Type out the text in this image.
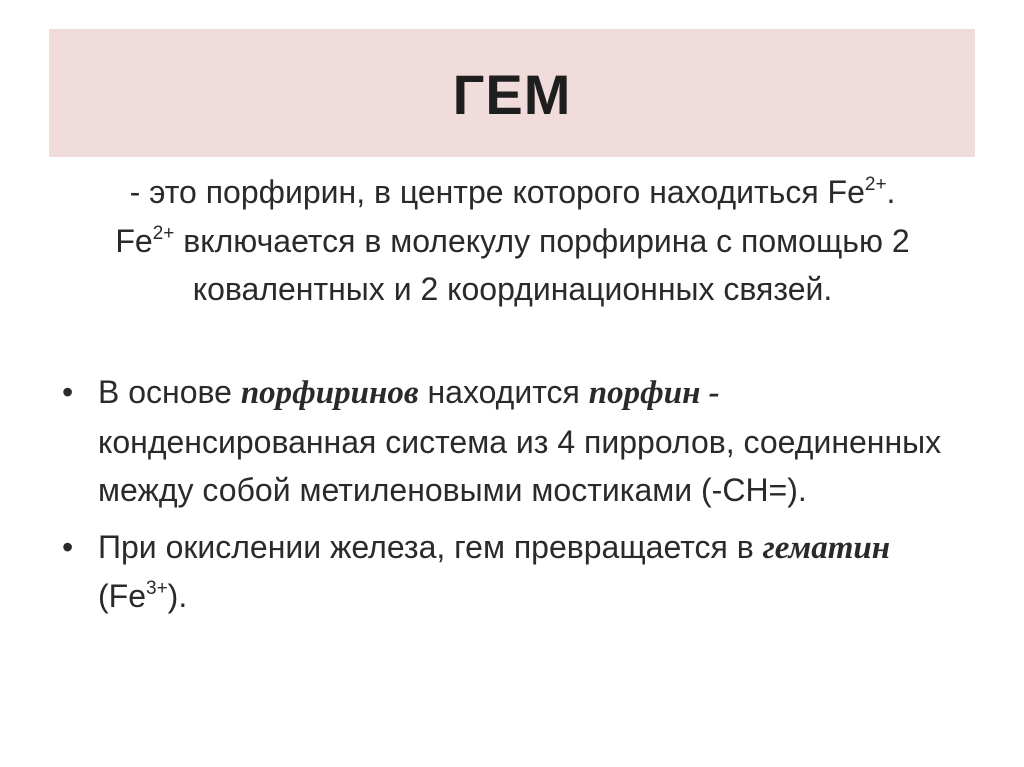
ГЕМ

- это порфирин, в центре которого находиться $Fe^{2+}$.
$Fe^{2+}$ включается в молекулу порфирина с помощью 2 ковалентных и 2 координационных связей.

• В основе порфиринов находится порфин - конденсированная система из 4 пирролов, соединенных между собой метиленовыми мостиками (-CH=).
• При окислении железа, гем превращается в гематин $(Fe^{3+})$.
